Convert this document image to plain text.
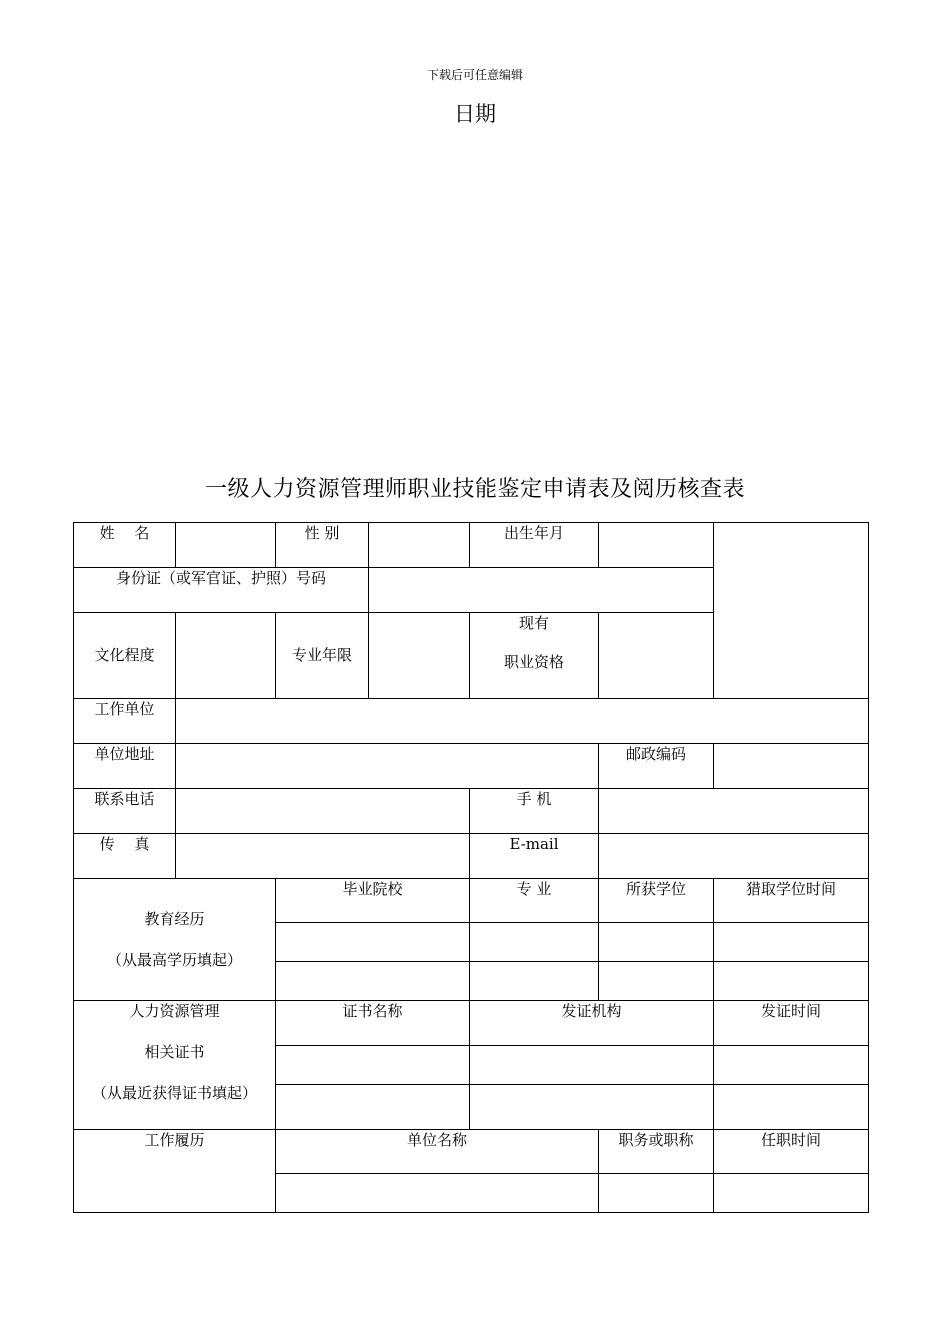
下载后可任意编辑
日期
一级人力资源管理师职业技能鉴定申请表及阅历核查表
姓　 名		性 别		出生年月		
身份证（或军官证、护照）号码						
文化程度		专业年限		现有
职业资格		

工作单位						
单位地址					邮政编码	
联系电话				手 机		
传　 真				E-mail		

教育经历
（从最高学历填起）		毕业院校		专 业	所获学位	猎取学位时间

人力资源管理
相关证书
（从最近获得证书填起）		证书名称		发证机构		发证时间

工作履历		单位名称			职务或职称	任职时间
